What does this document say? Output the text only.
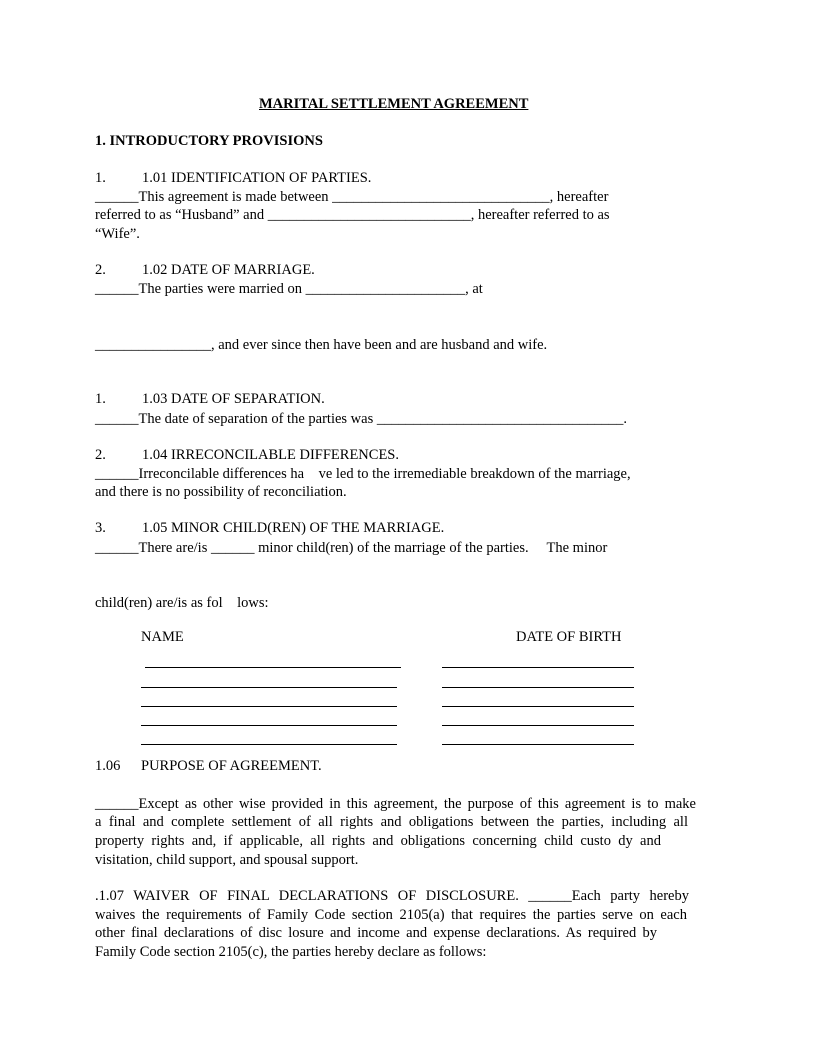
MARITAL SETTLEMENT AGREEMENT
1. INTRODUCTORY PROVISIONS
1. 1.01 IDENTIFICATION OF PARTIES.
______This agreement is made between ______________________________, hereafter
referred to as “Husband” and ____________________________, hereafter referred to as
“Wife”.
2. 1.02 DATE OF MARRIAGE.
______The parties were married on ______________________, at
________________, and ever since then have been and are husband and wife.
1. 1.03 DATE OF SEPARATION.
______The date of separation of the parties was __________________________________.
2. 1.04 IRRECONCILABLE DIFFERENCES.
______Irreconcilable differences ha    ve led to the irremediable breakdown of the marriage,
and there is no possibility of reconciliation.
3. 1.05 MINOR CHILD(REN) OF THE MARRIAGE.
______There are/is ______ minor child(ren) of the marriage of the parties.     The minor
child(ren) are/is as fol    lows:
NAME	DATE OF BIRTH
1.06 PURPOSE OF AGREEMENT.
______Except as other wise provided in this agreement, the purpose of this agreement is to make
a final and complete settlement of all rights and obligations between the parties, including all
property rights and, if applicable, all rights and obligations concerning child custo dy and
visitation, child support, and spousal support.
.1.07 WAIVER OF FINAL DECLARATIONS OF DISCLOSURE. ______Each party hereby
waives the requirements of Family Code section 2105(a) that requires the parties serve on each
other final declarations of disc losure and income and expense declarations. As required by
Family Code section 2105(c), the parties hereby declare as follows:
